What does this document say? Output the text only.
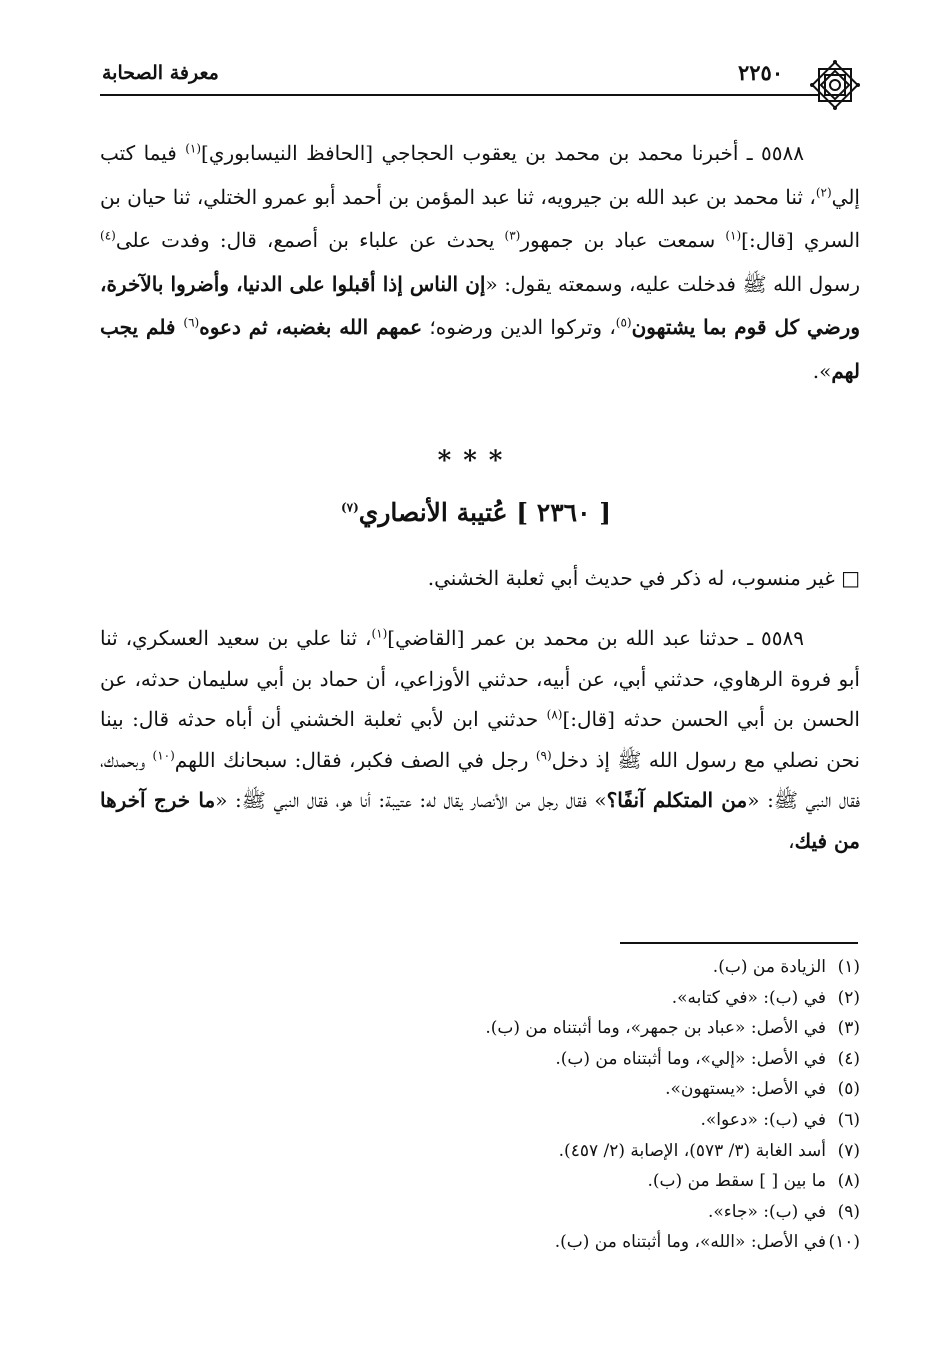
٢٢٥٠
معرفة الصحابة

٥٥٨٨ ـ أخبرنا محمد بن محمد بن يعقوب الحجاجي [الحافظ النيسابوري]$^{(١)}$ فيما كتب إلي$^{(٢)}$، ثنا محمد بن عبد الله بن جيرويه، ثنا عبد المؤمن بن أحمد أبو عمرو الختلي، ثنا حيان بن السري [قال:]$^{(١)}$ سمعت عباد بن جمهور$^{(٣)}$ يحدث عن علباء بن أصمع، قال: وفدت على$^{(٤)}$ رسول الله ﷺ فدخلت عليه، وسمعته يقول: «إن الناس إذا أقبلوا على الدنيا، وأضروا بالآخرة، ورضي كل قوم بما يشتهون$^{(٥)}$، وتركوا الدين ورضوه؛ عمهم الله بغضبه، ثم دعوه$^{(٦)}$ فلم يجب لهم».

***
[ ٢٣٦٠ ] عُتيبة الأنصاري$^{(٧)}$
□ غير منسوب، له ذكر في حديث أبي ثعلبة الخشني.

٥٥٨٩ ـ حدثنا عبد الله بن محمد بن عمر [القاضي]$^{(١)}$، ثنا علي بن سعيد العسكري، ثنا أبو فروة الرهاوي، حدثني أبي، عن أبيه، حدثني الأوزاعي، أن حماد بن أبي سليمان حدثه، عن الحسن بن أبي الحسن حدثه [قال:]$^{(٨)}$ حدثني ابن لأبي ثعلبة الخشني أن أباه حدثه قال: بينا نحن نصلي مع رسول الله ﷺ إذ دخل$^{(٩)}$ رجل في الصف فكبر، فقال: سبحانك اللهم$^{(١٠)}$ وبحمدك، فقال النبي ﷺ: «من المتكلم آنفًا؟» فقال رجل من الأنصار يقال له: عتيبة: أنا هو، فقال النبي ﷺ: «ما خرج آخرها من فيك،

(١)الزيادة من (ب).
(٢)في (ب): «في كتابه».
(٣)في الأصل: «عباد بن جمهر»، وما أثبتناه من (ب).
(٤)في الأصل: «إلي»، وما أثبتناه من (ب).
(٥)في الأصل: «يستهون».
(٦)في (ب): «دعوا».
(٧)أسد الغابة (٣/ ٥٧٣)، الإصابة (٢/ ٤٥٧).
(٨)ما بين [ ] سقط من (ب).
(٩)في (ب): «جاء».
(١٠)في الأصل: «الله»، وما أثبتناه من (ب).
